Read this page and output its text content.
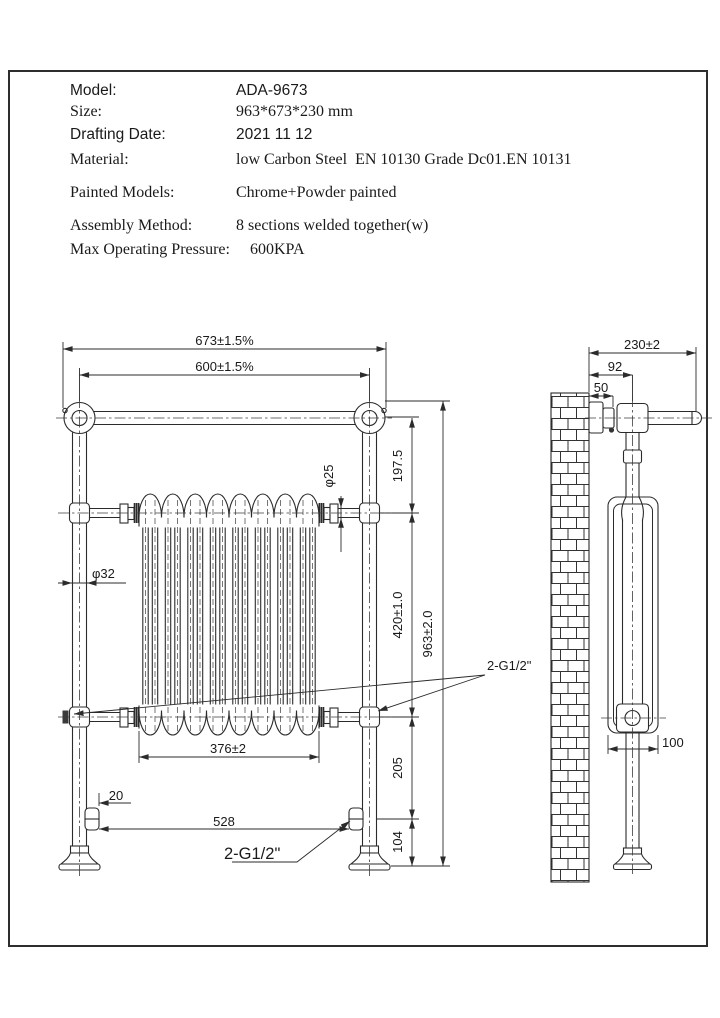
673±1.5%
600±1.5%
197.5
420±1.0 963±2.0
205
104
φ25
φ32
376±2
20
528
2-G1/2"
2-G1/2"
230±2
92
50
100
Model:	ADA-9673
Size:	963*673*230 mm
Drafting Date:	2021 11 12
Material:	low Carbon Steel  EN 10130 Grade Dc01.EN 10131
Painted Models:	Chrome+Powder painted
Assembly Method:	8 sections welded together(w)
Max Operating Pressure: 600KPA
